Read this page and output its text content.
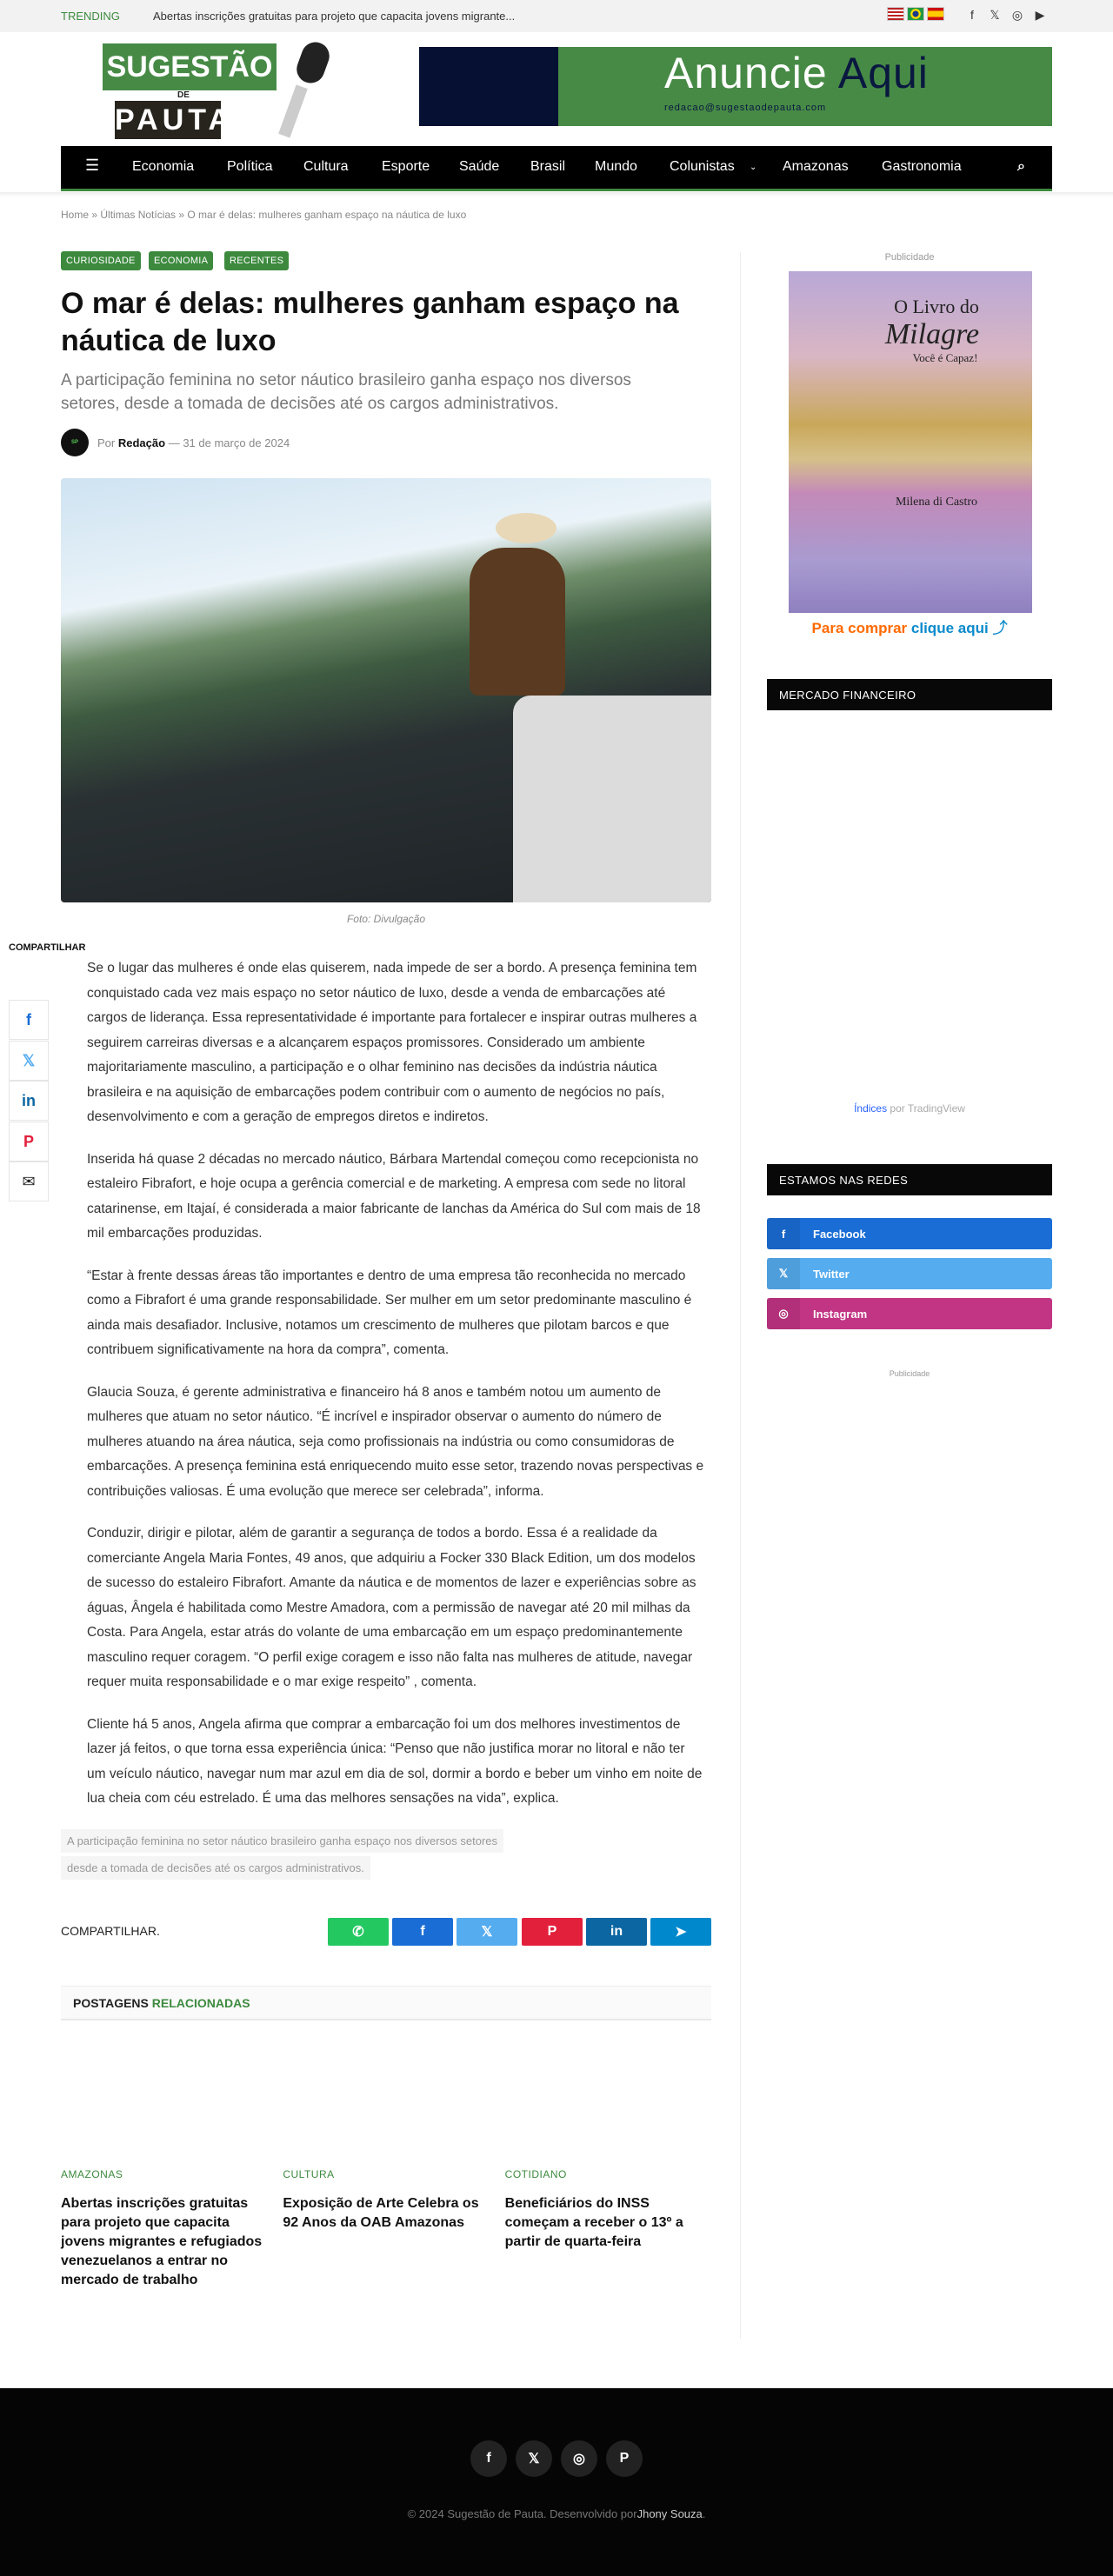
TRENDING	Abertas inscrições gratuitas para projeto que capacita jovens migrante...	f	𝕏 ◎ ▶
SUGESTÃO
DE
PAUTA
Anuncie Aqui
redacao@sugestaodepauta.com
☰ Economia Política Cultura Esporte Saúde Brasil Mundo Colunistas ⌄ Amazonas Gastronomia	⌕
Home » Últimas Notícias » O mar é delas: mulheres ganham espaço na náutica de luxo
CURIOSIDADE	ECONOMIA	RECENTES
O mar é delas: mulheres ganham espaço na náutica de luxo

A participação feminina no setor náutico brasileiro ganha espaço nos diversos setores, desde a tomada de decisões até os cargos administrativos.

SP	Por
Redação
—
31 de março de 2024

Foto: Divulgação

COMPARTILHAR
f
𝕏
in
P
✉

Se o lugar das mulheres é onde elas quiserem, nada impede de ser a bordo. A presença feminina tem conquistado cada vez mais espaço no setor náutico de luxo, desde a venda de embarcações até cargos de liderança. Essa representatividade é importante para fortalecer e inspirar outras mulheres a seguirem carreiras diversas e a alcançarem espaços promissores. Considerado um ambiente majoritariamente masculino, a participação e o olhar feminino nas decisões da indústria náutica brasileira e na aquisição de embarcações podem contribuir com o aumento de negócios no país, desenvolvimento e com a geração de empregos diretos e indiretos.

Inserida há quase 2 décadas no mercado náutico, Bárbara Martendal começou como recepcionista no estaleiro Fibrafort, e hoje ocupa a gerência comercial e de marketing. A empresa com sede no litoral catarinense, em Itajaí, é considerada a maior fabricante de lanchas da América do Sul com mais de 18 mil embarcações produzidas.

“Estar à frente dessas áreas tão importantes e dentro de uma empresa tão reconhecida no mercado como a Fibrafort é uma grande responsabilidade. Ser mulher em um setor predominante masculino é ainda mais desafiador. Inclusive, notamos um crescimento de mulheres que pilotam barcos e que contribuem significativamente na hora da compra”, comenta.

Glaucia Souza, é gerente administrativa e financeiro há 8 anos e também notou um aumento de mulheres que atuam no setor náutico. “É incrível e inspirador observar o aumento do número de mulheres atuando na área náutica, seja como profissionais na indústria ou como consumidoras de embarcações. A presença feminina está enriquecendo muito esse setor, trazendo novas perspectivas e contribuições valiosas. É uma evolução que merece ser celebrada”, informa.

Conduzir, dirigir e pilotar, além de garantir a segurança de todos a bordo. Essa é a realidade da comerciante Angela Maria Fontes, 49 anos, que adquiriu a Focker 330 Black Edition, um dos modelos de sucesso do estaleiro Fibrafort. Amante da náutica e de momentos de lazer e experiências sobre as águas, Ângela é habilitada como Mestre Amadora, com a permissão de navegar até 20 mil milhas da Costa. Para Angela, estar atrás do volante de uma embarcação em um espaço predominantemente masculino requer coragem. “O perfil exige coragem e isso não falta nas mulheres de atitude, navegar requer muita responsabilidade e o mar exige respeito” , comenta.

Cliente há 5 anos, Angela afirma que comprar a embarcação foi um dos melhores investimentos de lazer já feitos, o que torna essa experiência única: “Penso que não justifica morar no litoral e não ter um veículo náutico, navegar num mar azul em dia de sol, dormir a bordo e beber um vinho em noite de lua cheia com céu estrelado. É uma das melhores sensações na vida”, explica.

A participação feminina no setor náutico brasileiro ganha espaço nos diversos setores
desde a tomada de decisões até os cargos administrativos.
COMPARTILHAR.	✆	f	𝕏	P	in	➤
POSTAGENS RELACIONADAS
AMAZONAS
Abertas inscrições gratuitas para projeto que capacita jovens migrantes e refugiados venezuelanos a entrar no mercado de trabalho
CULTURA
Exposição de Arte Celebra os 92 Anos da OAB Amazonas
COTIDIANO
Beneficiários do INSS começam a receber o 13º a partir de quarta-feira
Publicidade
O Livro do
Milagre
Você é Capaz!
Milena di Castro
Para comprar clique aqui ⤴
MERCADO FINANCEIRO
Índices por TradingView
ESTAMOS NAS REDES
f	Facebook
𝕏	Twitter
◎	Instagram
Publicidade
f	𝕏	◎	P
© 2024 Sugestão de Pauta. Desenvolvido porJhony Souza.
